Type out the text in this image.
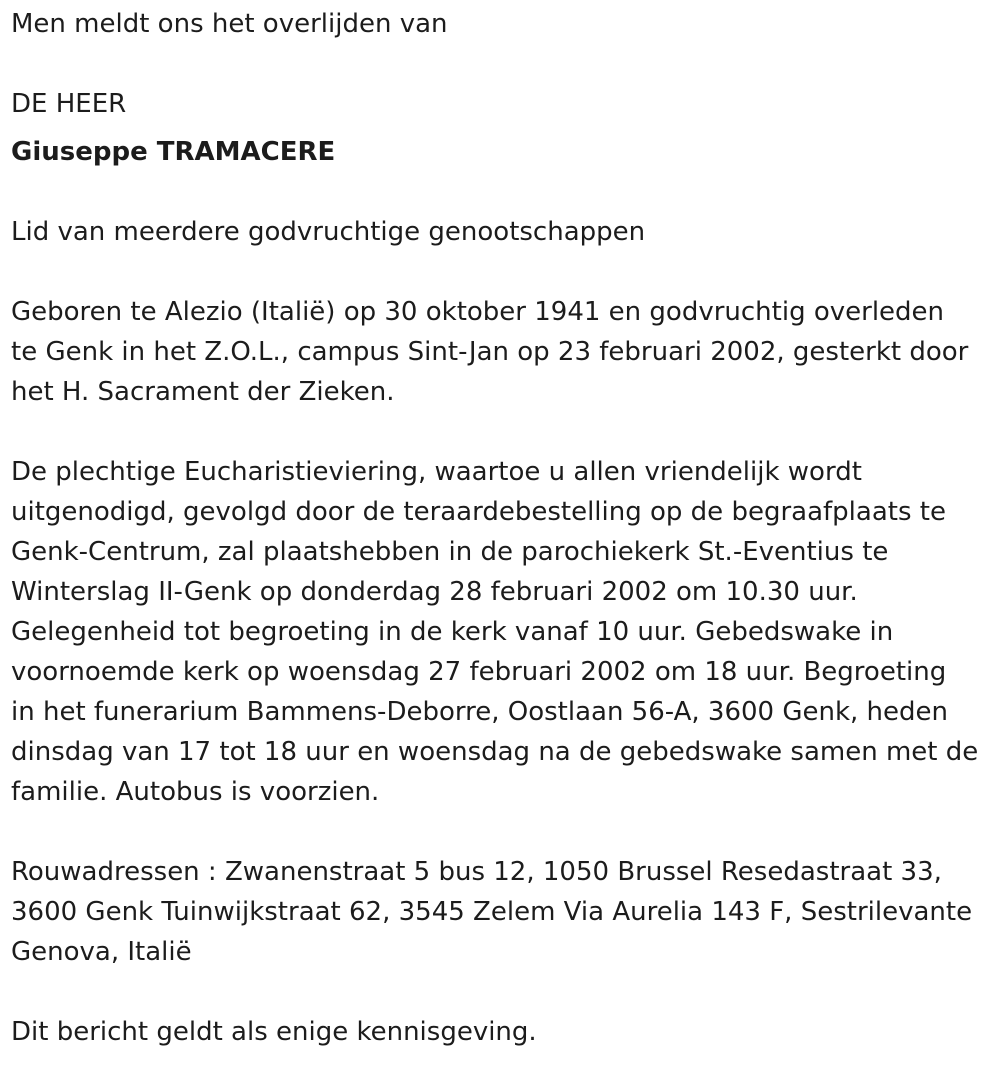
Men meldt ons het overlijden van

DE HEER

Giuseppe TRAMACERE

Lid van meerdere godvruchtige genootschappen

Geboren te Alezio (Italië) op 30 oktober 1941 en godvruchtig overleden

te Genk in het Z.O.L., campus Sint-Jan op 23 februari 2002, gesterkt door

het H. Sacrament der Zieken.

De plechtige Eucharistieviering, waartoe u allen vriendelijk wordt

uitgenodigd, gevolgd door de teraardebestelling op de begraafplaats te

Genk-Centrum, zal plaatshebben in de parochiekerk St.-Eventius te

Winterslag II-Genk op donderdag 28 februari 2002 om 10.30 uur.

Gelegenheid tot begroeting in de kerk vanaf 10 uur. Gebedswake in

voornoemde kerk op woensdag 27 februari 2002 om 18 uur. Begroeting

in het funerarium Bammens-Deborre, Oostlaan 56-A, 3600 Genk, heden

dinsdag van 17 tot 18 uur en woensdag na de gebedswake samen met de

familie. Autobus is voorzien.

Rouwadressen : Zwanenstraat 5 bus 12, 1050 Brussel Resedastraat 33,

3600 Genk Tuinwijkstraat 62, 3545 Zelem Via Aurelia 143 F, Sestrilevante

Genova, Italië

Dit bericht geldt als enige kennisgeving.
